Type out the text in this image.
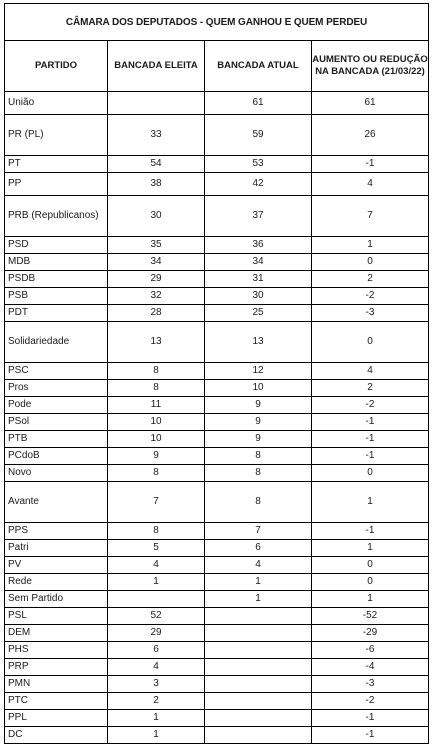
CÂMARA DOS DEPUTADOS - QUEM GANHOU E QUEM PERDEU			
PARTIDO	BANCADA ELEITA	BANCADA ATUAL	AUMENTO OU REDUÇÃO NA BANCADA (21/03/22)
União		61	61
PR (PL)	33	59	26
PT	54	53	-1
PP	38	42	4
PRB (Republicanos)	30	37	7
PSD	35	36	1
MDB	34	34	0
PSDB	29	31	2
PSB	32	30	-2
PDT	28	25	-3
Solidariedade	13	13	0
PSC	8	12	4
Pros	8	10	2
Pode	11	9	-2
PSol	10	9	-1
PTB	10	9	-1
PCdoB	9	8	-1
Novo	8	8	0
Avante	7	8	1
PPS	8	7	-1
Patri	5	6	1
PV	4	4	0
Rede	1	1	0
Sem Partido		1	1
PSL	52		-52
DEM	29		-29
PHS	6		-6
PRP	4		-4
PMN	3		-3
PTC	2		-2
PPL	1		-1
DC	1		-1
